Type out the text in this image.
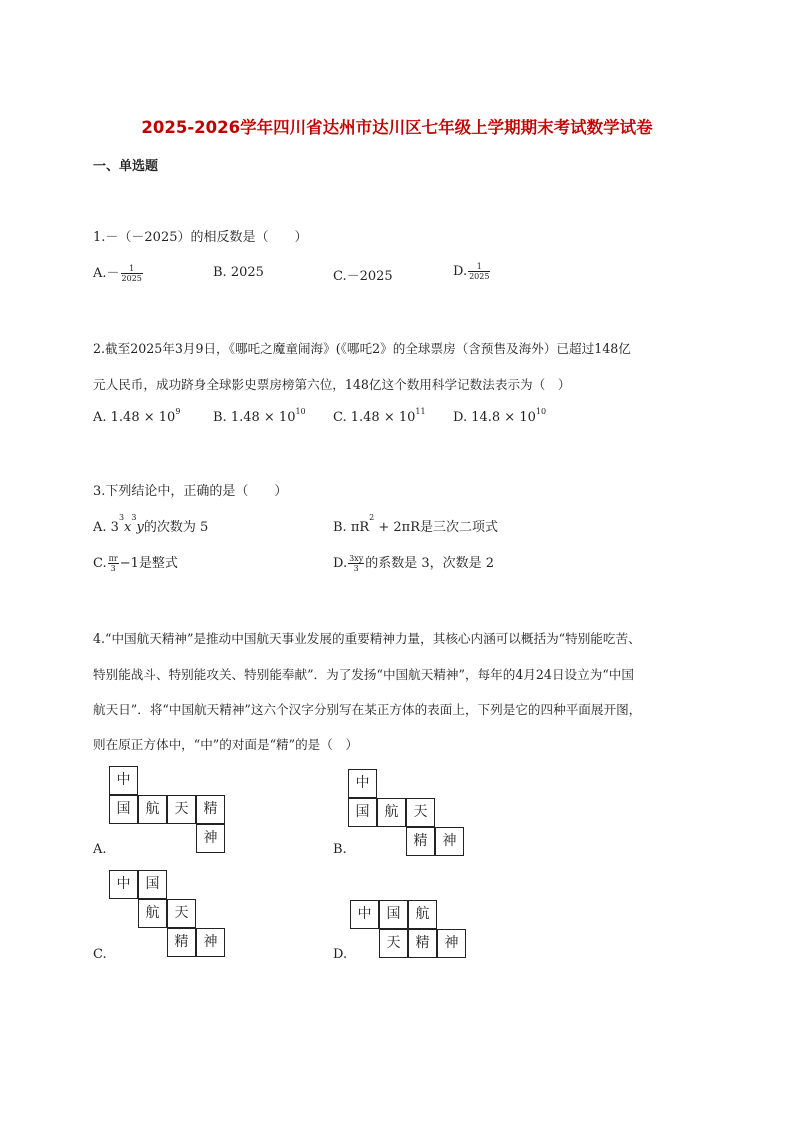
2025-2026学年四川省达州市达川区七年级上学期期末考试数学试卷
一、单选题
1.－（－2025）的相反数是（　　）
$A.- \frac{1}{2025}$	B. 2025	C.－2025	D. $\frac{1}{2025}$
2.截至2025年3月9日，《哪吒之魔童闹海》(《哪吒2》的全球票房（含预售及海外）已超过148亿
元人民币，成功跻身全球影史票房榜第六位，148亿这个数用科学记数法表示为（　）
A. $1.48 \times 10^9$	B. $1.48 \times 10^{10}$ C. $1.48 \times 10^{11}$ D. $14.8 \times 10^{10}$
3.下列结论中，正确的是（　　）
A. $3^3x^3y$的次数为 5	B. $\pi R^2 + 2\pi R$是三次二项式
C. $\frac{\pi r}{3} -1$是整式	D. $\frac{3xy}{3}$ 的系数是 3，次数是 2
4.“中国航天精神”是推动中国航天事业发展的重要精神力量，其核心内涵可以概括为“特别能吃苦、
特别能战斗、特别能攻关、特别能奉献”．为了发扬“中国航天精神”，每年的4月24日设立为“中国
航天日”．将“中国航天精神”这六个汉字分别写在某正方体的表面上，下列是它的四种平面展开图，
则在原正方体中，“中”的对面是“精”的是（　）
中
国	航	天	精
神
A.
中
国	航	天
精	神
B.
中	国
航	天
精	神
C.
中	国	航
天	精	神
D.
